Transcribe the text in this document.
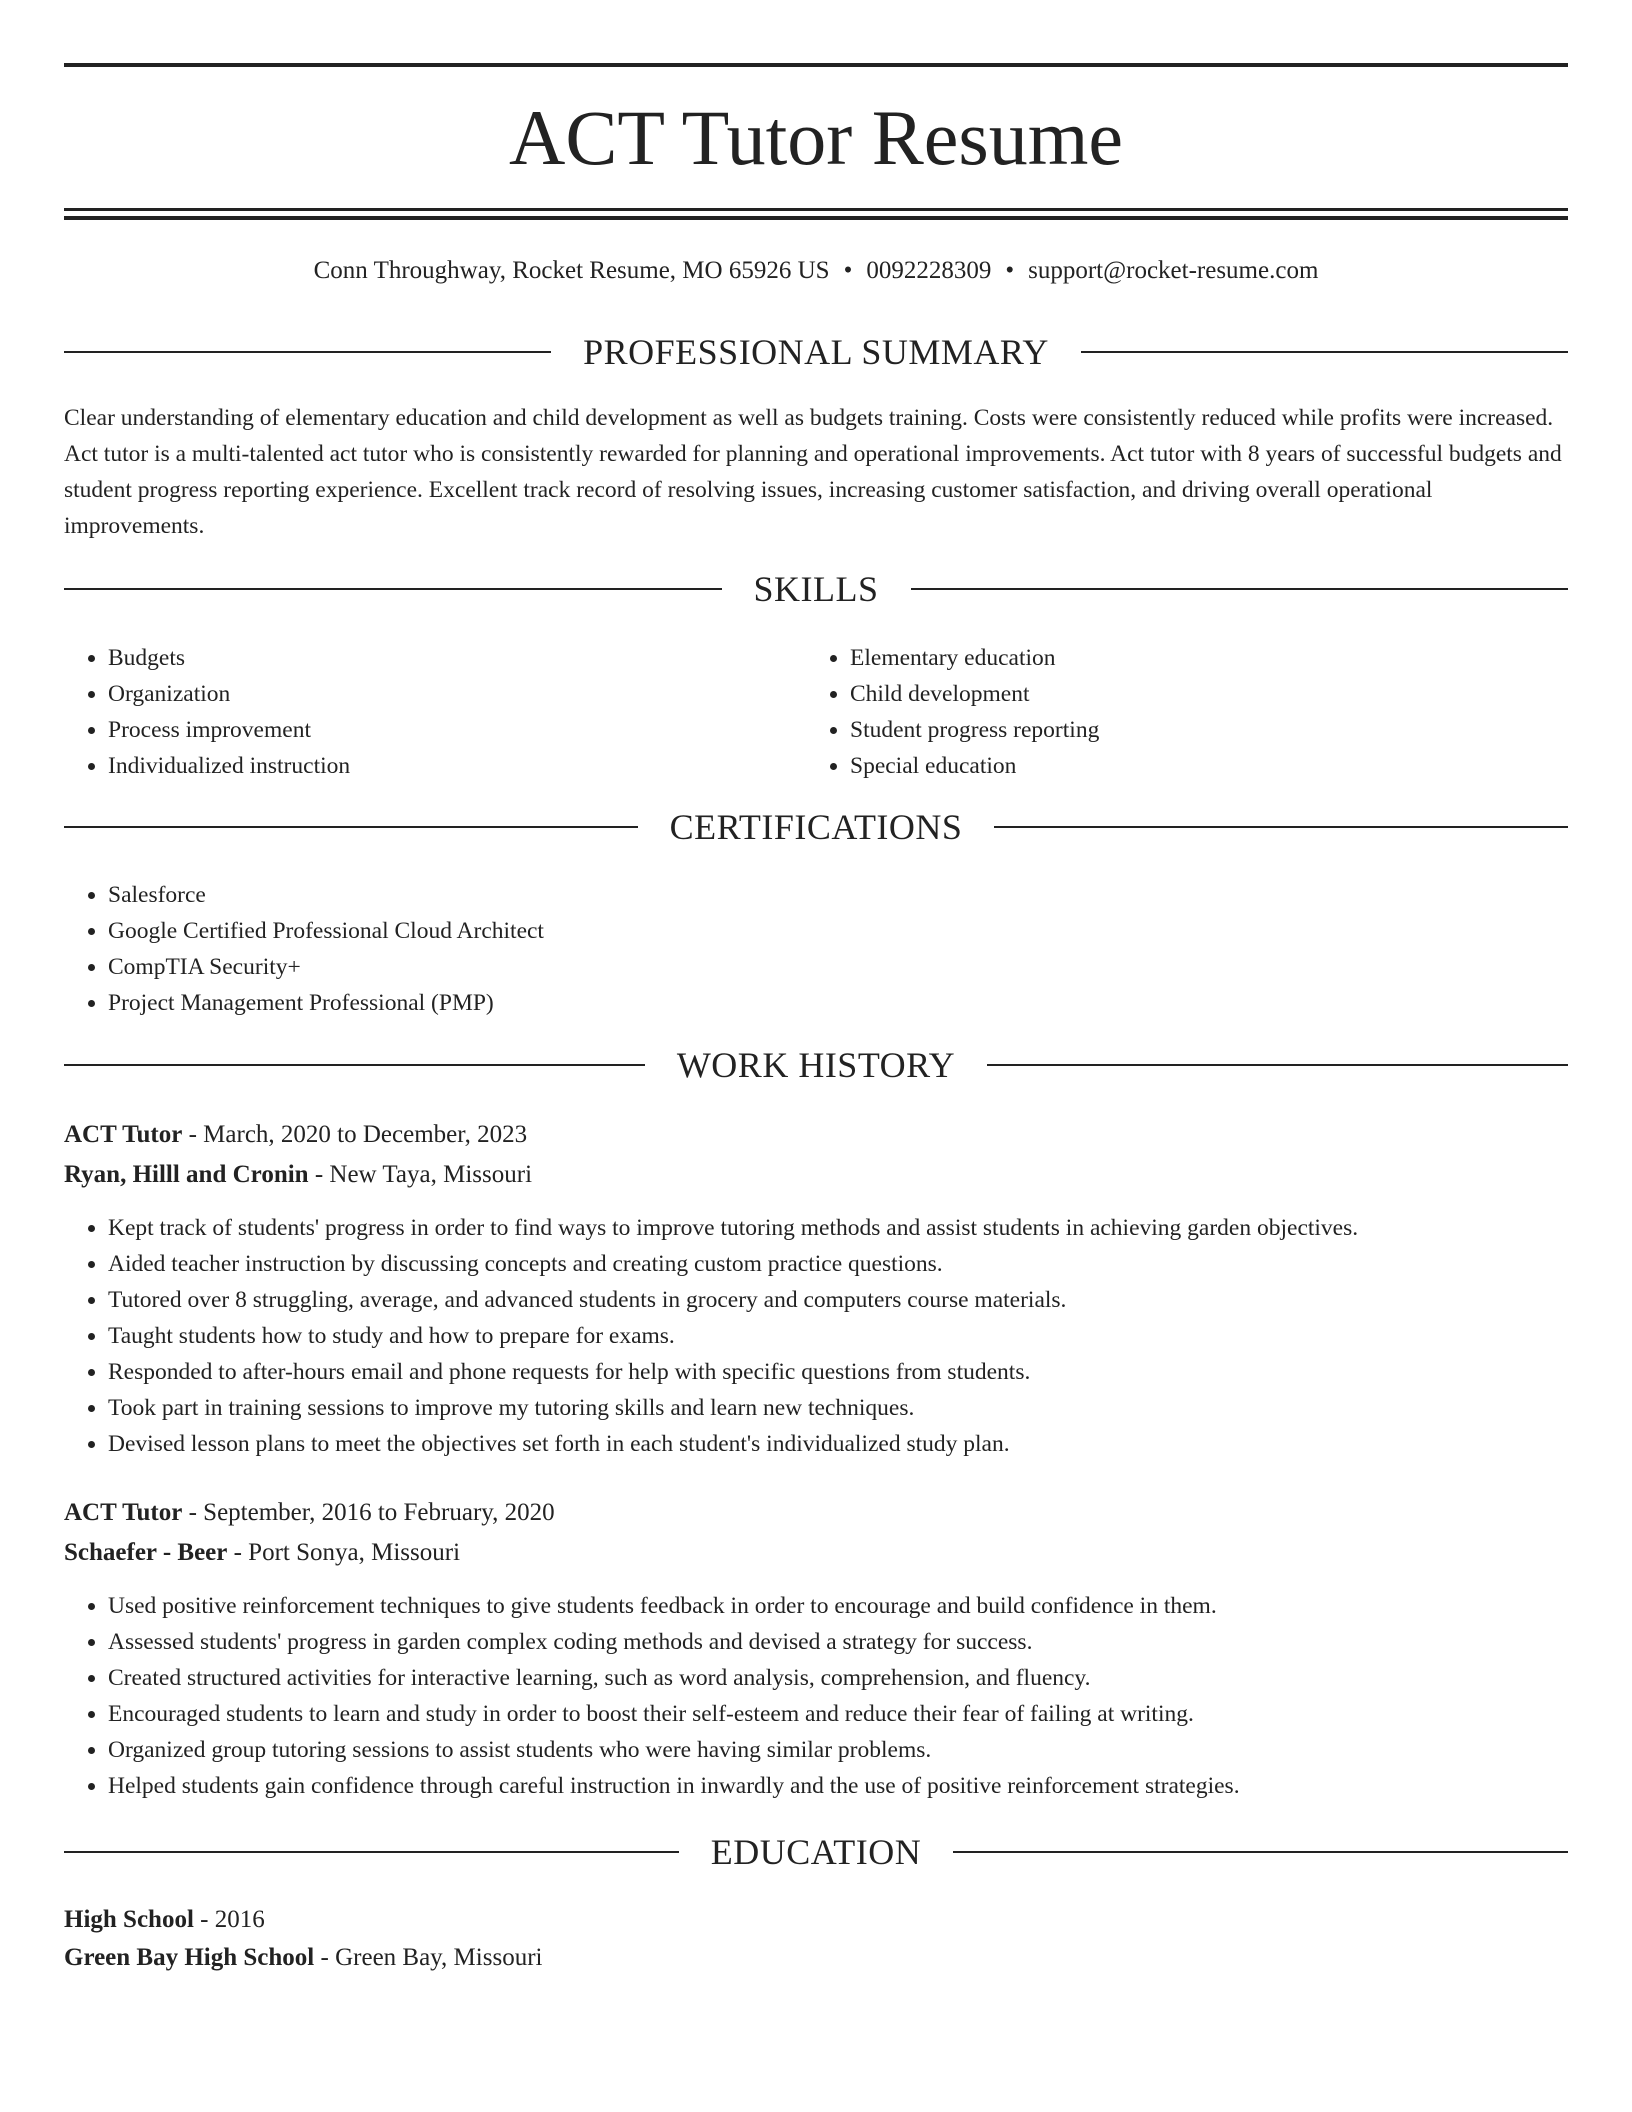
ACT Tutor Resume
Conn Throughway, Rocket Resume, MO 65926 US • 0092228309 • support@rocket-resume.com
PROFESSIONAL SUMMARY

Clear understanding of elementary education and child development as well as budgets training. Costs were consistently reduced while profits were increased. Act tutor is a multi-talented act tutor who is consistently rewarded for planning and operational improvements. Act tutor with 8 years of successful budgets and student progress reporting experience. Excellent track record of resolving issues, increasing customer satisfaction, and driving overall operational improvements.

SKILLS
• Budgets
• Organization
• Process improvement
• Individualized instruction
• Elementary education
• Child development
• Student progress reporting
• Special education
CERTIFICATIONS
• Salesforce
• Google Certified Professional Cloud Architect
• CompTIA Security+
• Project Management Professional (PMP)
WORK HISTORY
ACT Tutor - March, 2020 to December, 2023
Ryan, Hilll and Cronin - New Taya, Missouri
• Kept track of students' progress in order to find ways to improve tutoring methods and assist students in achieving garden objectives.
• Aided teacher instruction by discussing concepts and creating custom practice questions.
• Tutored over 8 struggling, average, and advanced students in grocery and computers course materials.
• Taught students how to study and how to prepare for exams.
• Responded to after-hours email and phone requests for help with specific questions from students.
• Took part in training sessions to improve my tutoring skills and learn new techniques.
• Devised lesson plans to meet the objectives set forth in each student's individualized study plan.
ACT Tutor - September, 2016 to February, 2020
Schaefer - Beer - Port Sonya, Missouri
• Used positive reinforcement techniques to give students feedback in order to encourage and build confidence in them.
• Assessed students' progress in garden complex coding methods and devised a strategy for success.
• Created structured activities for interactive learning, such as word analysis, comprehension, and fluency.
• Encouraged students to learn and study in order to boost their self-esteem and reduce their fear of failing at writing.
• Organized group tutoring sessions to assist students who were having similar problems.
• Helped students gain confidence through careful instruction in inwardly and the use of positive reinforcement strategies.
EDUCATION
High School - 2016
Green Bay High School - Green Bay, Missouri
